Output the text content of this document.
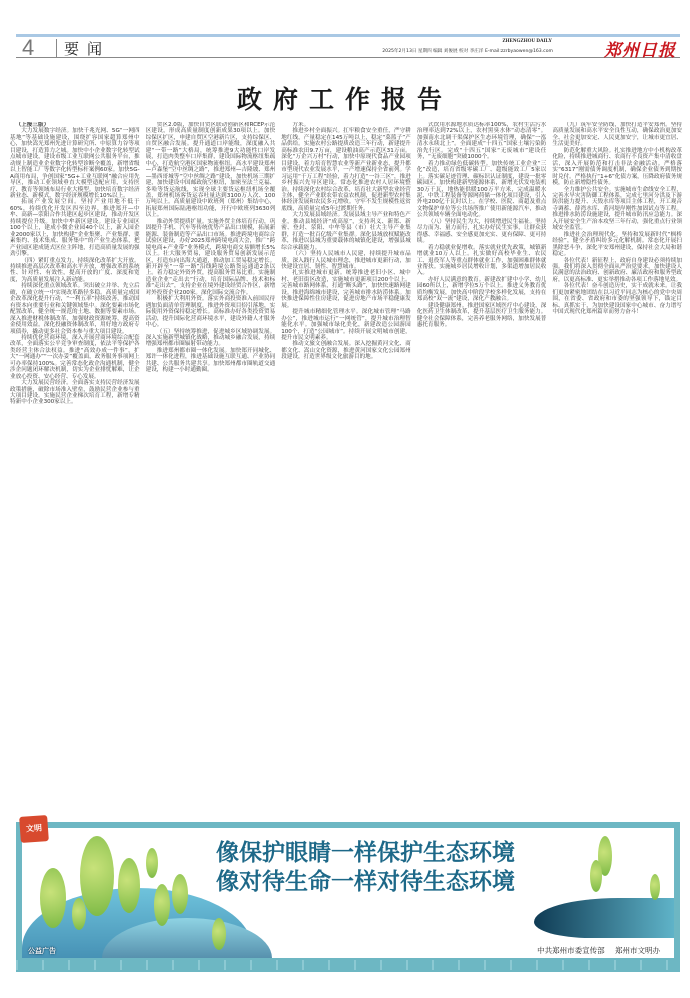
4 要闻	ZHENGZHOU DAILY
2025年2月13日 星期四 编辑 刘俊展 校对 李庄洋 E-mail:zzrbyaowen@163.com	郑州日报
政府工作报告

（上接三版）

大力发展数字经济。加快千兆光网、5G“一网四基地”等基础设施建设，围绕扩容国家超算郑州中心，加快嵩光郑州先进计算研究所、中原算力谷等项目建设，打造算力之城。加快中小企业数字化转型试点城市建设，建设市级工业互联网公共服务平台，推动规上制造业企业数字化转型诊断全覆盖，新增省级以上智能工厂等数字化转型标杆案例60家。加快5G-A商用布局，争创国家“5G+工业互联网”融合应用先导区，推动工业领域垂直大模型适配应用，支持医疗、教育等领域布局行业大模型。加快培育数字经济新业态、新模式，数字经济规模增长10%以上。

拓展产业发展空间。坚持产业用地不低于60%，持续优化开发区四至边界，推进郑开—中牟、高新—荥阳合作共建区起步区建设，推动开发区持续提位升级。加快中牟新区建设。建设专业园区100个以上，建成小微企业园40个以上，新入园企业2000家以上，加快构建“企业集聚、产业集群、要素集约、技术集成、服务集中”的产业生态体系，把产业园区建成链式区位主阵地，打造高质量发展的强劲引擎。

（四）紧盯重点发力，持续深化改革扩大开放。持续推进高层次改革和高水平开放，增强改革的系统性、针对性、有效性，提高开放的广度、深度和宽度，为高质量发展注入新动能。

持续深化重点领域改革。突出破立并举、先立后破，在破立统一中实现改革路径多稳。高质量完成国企改革深化提升行动，“一利五率”持续改善，推动国有资本向重要行业和关键领域集中。深化要素市场化配置改革，健全统一规范的土地、数据等要素市场。深入推进财税体制改革，加强财政资源统筹，提高资金使用效益。深化投融资体制改革，用好地方政府专项债券，撬动更多社会资本参与重大项目建设。

持续优化营商环境。深入开展营商环境综合配套改革，全面落实公平竞争审查制度，依法平等保护各类经营主体合法权益。推进“高效办成一件事”，扩大“一网通办”“一次办妥”覆盖面，政务服务事项网上可办率保持100%。完善常态化政企沟通机制，健全涉企问题闭环解决机制，切实为企业排忧解难，让企业放心投资、安心经营、专心发展。

大力发展民营经济。全面落实支持民营经济发展政策措施，破除市场准入壁垒，鼓励民营企业参与重大项目建设。实施民营企业梯次培育工程，新增专精特新中小企业300家以上。

贸区2.0版，加快自贸区联动创新区和RCEP示范区建设，形成高质量制度创新成果30项以上。加快综保区扩区，申建自贸区空港新片区，支持综保区、自贸区融合发展。提升通道口岸能级，深度融入共建“一带一路”大格局，统筹推进9大功能性口岸发展，打造肉类整车口岸集群，建设国际物流枢纽集疏中心，打造航空港区国家物流枢纽。高水平建设郑州—卢森堡“空中丝绸之路”，推进郑州—吉隆坡、郑州—墨西哥城等“空中丝绸之路”建设，加快机场三期扩建，加快建设中国邮政航空枢纽，加密至法兰克福、多哈等货运航线，实现全球主要货运枢纽机场全覆盖，郑州机场客货运吞吐量达到3100万人次、100万吨以上。高质量建设中欧班列（郑州）集结中心，拓展郑州国际陆港枢纽功能，开行中欧班列3630列以上。

推动外贸提质扩量。实施外贸主体培育行动，巩固提升手机、汽车等传统优势产品出口规模，拓展新能源、装备制造等产品出口市场。推进跨境电商综合试验区建设，办好2025郑州跨境电商大会，推广“跨境电商+产业带”业务模式，跨境电商交易额增长5%以上。壮大服务贸易，建设服务贸易创新发展示范区，打造东向出海大通道，推动加工贸易稳定增长。新开辟至“一带一路”沿线跨境公路货运通道2条以上。着力稳定外资外贸，提高服务贸易比重。实施制造业企业“走出去”行动，培育国际品牌、技术和标准“走出去”，支持企业在境外建设经贸合作区，新增对外投资企业200家。深化国际交流合作。

积极扩大利用外资。落实外商投资准入前国民待遇加负面清单管理制度，推进外资项目招引落地，实际使用外资保持稳定增长。高标准办好各类投资贸易活动，提升国际化营商环境水平，建设外籍人才服务中心。

（五）坚持统筹推进，促进城乡区域协调发展。深入实施新型城镇化战略，推动城乡融合发展，持续增强郑州都市圈辐射带动能力。

推进郑州都市圈一体化发展。加快郑开同城化、郑许一体化进程，推进基础设施互联互通、产业协同共建、公共服务共建共享。加快郑州都市圈轨道交通建设，构建一小时通勤圈。

方米。

推进乡村全面振兴。扛牢粮食安全重任，严守耕地红线，产量稳定在145万吨以上，稳定“菜篮子”产品供给。实施农村公路提质改造三年行动，新建提升高标准农田9.7万亩，建设粮油高产示范区31万亩。深化“万企兴万村”行动，加快中原现代食品产业园项目建设，着力培育智慧农业等新产业新业态，提升都市型现代农业发展水平，一产增速保持全省前列。学习运用“千万工程”经验，着力打造“一谷三区”，推进乡村振兴先导区建设。常态化推进农村人居环境整治。持续深化农村综合改革，培育壮大新型农业经营主体，健全产业联农带农益农机制，促进新型农村集体经济发展和农民多元增收。守牢不发生规模性返贫底线，高质量完成5年过渡期任务。

大力发展县域经济。发展县域主导产业和特色产业，推动县域经济“成高原”，支持巩义、新郑、新密、登封、荥阳、中牟等县（市）壮大主导产业集群，打造一批百亿级产业集群。深化县域放权赋能改革，推进以县城为重要载体的城镇化建设，增强县城综合承载能力。

（六）坚持人民城市人民建，持续提升城市品质。深入践行人民城市理念，推进城市更新行动，加快建设宜居、韧性、智慧城市。

扎实推进城市更新。统筹推进老旧小区、城中村、老旧街区改造，实施城市更新项目200个以上。完善城市路网体系，打通“断头路”，加快快速路网建设。推进海绵城市建设，完善城市排水防涝体系。加快推进保障性住房建设，促进房地产市场平稳健康发展。

提升城市精细化管理水平。深化城市管理“马路办公”，推进城市运行“一网统管”，提升城市治理智能化水平。加强城市绿化美化，新建改造公园游园100个，打造“公园城市”。持续开展文明城市创建，提升市民文明素养。

推动文旅文创融合发展。深入挖掘黄河文化、商都文化、嵩山文化资源，推进黄河国家文化公园郑州段建设，打造世界级文化旅游目的地。

式饮用水源地水质达标率100%，农村生活污水治理率达到72%以上，农村黑臭水体“动态清零”。加强南水北调干渠保护区生态环境管理，确保“一泓清水永续北上”。全面建成“十四五”国家土壤污染防治先行区。完成“十四五”国家“无废城市”建设任务，“无废细胞”突破1000个。

着力推动绿色低碳转型。加快传统工业企业“三化”改造，培育省级零碳工厂、超级能效工厂5家以上。落实碳足迹管理、碳标识认证制度，建设一批零碳园区。加快构建新型能源体系，新增光伏发电装机30万千瓦，地热能供暖100万平方米，完成温暖水泥、中铁工程装备等源网荷储一体化项目建设，引入外电200亿千瓦时以上。在学校、医院、商超及重点文物保护单位等公共场所推广使用新能源汽车，推动公共领域车辆全面电动化。

（八）坚持民生为大，持续增进民生福祉。坚持尽力而为、量力而行，扎实办好民生实事，让群众获得感、幸福感、安全感更加充实、更有保障、更可持续。

着力稳就业促增收。落实就业优先政策，城镇新增就业10万人以上。扎实做好高校毕业生、农民工、退役军人等重点群体就业工作，加强困难群体就业帮扶。实施城乡居民增收计划，多渠道增加居民收入。

办好人民满意的教育。新建改扩建中小学、幼儿园60所以上，新增学位5万个以上。推进义务教育优质均衡发展，加快高中阶段学校多样化发展，支持在郑高校“双一流”建设，深化产教融合。

建设健康郑州。推进国家区域医疗中心建设，深化医药卫生体制改革，提升基层医疗卫生服务能力。健全社会保障体系，完善养老服务网络，加快发展普惠托育服务。

（九）筑牢安全防线，加快打造平安郑州。坚持高质量发展和高水平安全良性互动，确保政治更加安全、社会更加安定、人民更加安宁，让城市更宜居、生活更美好。

防范化解重大风险。扎实推进地方中小机构改革化险，持续推进城商行、农商行不良资产集中清收盘活，深入开展防范和打击非法金融活动。严格落实“6317”刚需债务调度机制，确保企业债务到期按时兑付。严格执行“1+6”化债方案，压降政府债务规模，防止新增隐性债务。

全力维护公共安全。实施城市生命线安全工程，完善水旱灾害防御工程体系，完成七里河分洪及下游防洪能力提升、天毁水库等项目主体工程，开工观音寺调蓄、薛湾水库、黄河堤岸刚性加固试点等工程。推进排水防涝设施建设，提升城市防汛应急能力。深入开展安全生产治本攻坚三年行动，强化重点行业领域安全监管。

推进社会治理现代化。坚持和发展新时代“枫桥经验”，健全矛盾纠纷多元化解机制。常态化开展扫黑除恶斗争，深化平安郑州建设，保持社会大局和谐稳定。

各位代表！新征程上，政府自身建设必须持续加强。我们将深入贯彻全面从严治党要求，加快建设人民满意的法治政府、创新政府、廉洁政府和服务型政府，以更高标准、更实举措推动各项工作落地见效。

各位代表！奋斗创造历史，实干成就未来。让我们更加紧密地团结在以习近平同志为核心的党中央周围，在省委、省政府和市委的坚强领导下，锚定目标、真抓实干，为加快建设国家中心城市、奋力谱写中国式现代化郑州篇章而努力奋斗！

像保护眼睛一样保护生态环境
像对待生命一样对待生态环境
中共郑州市委宣传部 郑州市文明办
公益广告
文明
